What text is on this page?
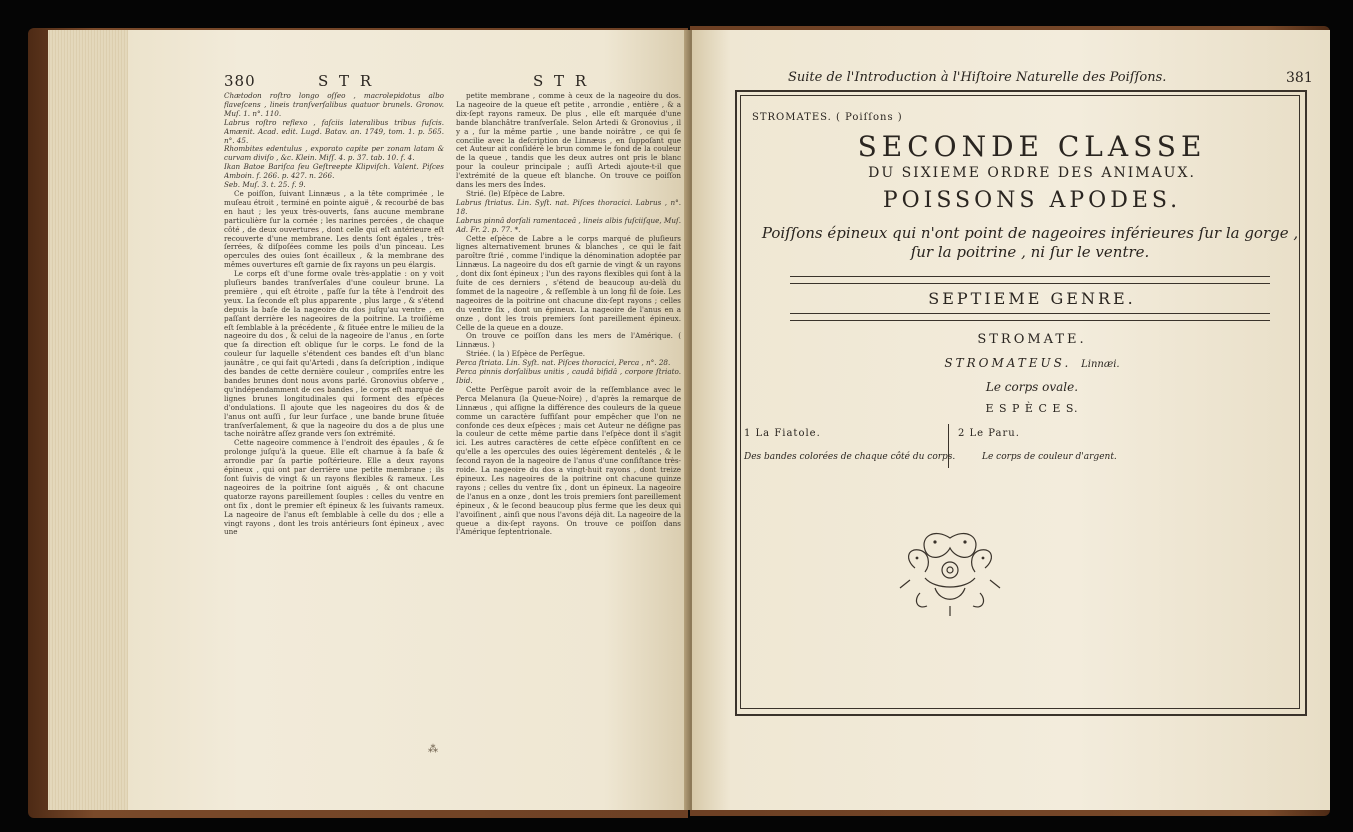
380	S T R	S T R

Chætodon roſtro longo oſſeo , macrolepidotus albo flaveſcens , lineis tranſverſalibus quatuor brunels. Gronov. Muſ. 1. n°. 110.

Labrus roſtro reflexo , faſciis lateralibus tribus fuſcis. Amænit. Acad. edit. Lugd. Batav. an. 1749, tom. 1. p. 565. n°. 45.

Rhombites edentulus , exporato capite per zonam latam & curvam diviſo , &c. Klein. Miſſ. 4. p. 37. tab. 10. f. 4.

Ikan Batoe Bariſca ſeu Geſtreepte Klipviſch. Valent. Piſces Amboin. f. 266. p. 427. n. 266.

Seb. Muſ. 3. t. 25. f. 9.

Ce poiſſon, ſuivant Linnæus , a la tête comprimée , le muſeau étroit , terminé en pointe aiguë , & recourbé de bas en haut ; les yeux très-ouverts, ſans aucune membrane particulière ſur la cornée ; les narines percées , de chaque côté , de deux ouvertures , dont celle qui eſt antérieure eſt recouverte d'une membrane. Les dents ſont égales , très-ſerrées, & diſpoſées comme les poils d'un pinceau. Les opercules des ouies ſont écailleux , & la membrane des mêmes ouvertures eſt garnie de ſix rayons un peu élargis.

Le corps eſt d'une forme ovale très-applatie : on y voit pluſieurs bandes tranſverſales d'une couleur brune. La première , qui eſt étroite , paſſe ſur la tête à l'endroit des yeux. La ſeconde eſt plus apparente , plus large , & s'étend depuis la baſe de la nageoire du dos juſqu'au ventre , en paſſant derrière les nageoires de la poitrine. La troiſième eſt ſemblable à la précédente , & ſituée entre le milieu de la nageoire du dos , & celui de la nageoire de l'anus , en ſorte que ſa direction eſt oblique ſur le corps. Le fond de la couleur ſur laquelle s'étendent ces bandes eſt d'un blanc jaunâtre , ce qui fait qu'Artedi , dans ſa deſcription , indique des bandes de cette dernière couleur , compriſes entre les bandes brunes dont nous avons parlé. Gronovius obſerve , qu'indépendamment de ces bandes , le corps eſt marqué de lignes brunes longitudinales qui forment des eſpèces d'ondulations. Il ajoute que les nageoires du dos & de l'anus ont auſſi , ſur leur ſurface , une bande brune ſituée tranſverſalement, & que la nageoire du dos a de plus une tache noirâtre aſſez grande vers ſon extrémité.

Cette nageoire commence à l'endroit des épaules , & ſe prolonge juſqu'à la queue. Elle eſt charnue à ſa baſe & arrondie par ſa partie poſtérieure. Elle a deux rayons épineux , qui ont par derrière une petite membrane ; ils ſont ſuivis de vingt & un rayons flexibles & rameux. Les nageoires de la poitrine ſont aiguës , & ont chacune quatorze rayons pareillement ſouples : celles du ventre en ont ſix , dont le premier eſt épineux & les ſuivants rameux. La nageoire de l'anus eſt ſemblable à celle du dos ; elle a vingt rayons , dont les trois antérieurs ſont épineux , avec une

petite membrane , comme à ceux de la nageoire du dos. La nageoire de la queue eſt petite , arrondie , entière , & a dix-ſept rayons rameux. De plus , elle eſt marquée d'une bande blanchâtre tranſverſale. Selon Artedi & Gronovius , il y a , ſur la même partie , une bande noirâtre , ce qui ſe concilie avec la deſcription de Linnæus , en ſuppoſant que cet Auteur ait conſidéré le brun comme le fond de la couleur de la queue , tandis que les deux autres ont pris le blanc pour la couleur principale ; auſſi Artedi ajoute-t-il que l'extrémité de la queue eſt blanche. On trouve ce poiſſon dans les mers des Indes.

Strié. (le) Eſpèce de Labre.

Labrus ſtriatus. Lin. Syſt. nat. Piſces thoracici. Labrus , n°. 18.

Labrus pinnâ dorſali ramentaceâ , lineis albis fuſciiſque, Muſ. Ad. Fr. 2. p. 77. *.

Cette eſpèce de Labre a le corps marqué de pluſieurs lignes alternativement brunes & blanches , ce qui le fait paroître ſtrié , comme l'indique la dénomination adoptée par Linnæus. La nageoire du dos eſt garnie de vingt & un rayons , dont dix ſont épineux ; l'un des rayons flexibles qui ſont à la ſuite de ces derniers , s'étend de beaucoup au-delà du ſommet de la nageoire , & reſſemble à un long fil de ſoie. Les nageoires de la poitrine ont chacune dix-ſept rayons ; celles du ventre ſix , dont un épineux. La nageoire de l'anus en a onze , dont les trois premiers ſont pareillement épineux. Celle de la queue en a douze.

On trouve ce poiſſon dans les mers de l'Amérique. ( Linnæus. )

Striée. ( la ) Eſpèce de Perſègue.

Perca ſtriata. Lin. Syſt. nat. Piſces thoracici, Perca , n°. 28.

Perca pinnis dorſalibus unitis , caudâ bifidâ , corpore ſtriato. Ibid.

Cette Perſègue paroît avoir de la reſſemblance avec le Perca Melanura (la Queue-Noire) , d'après la remarque de Linnæus , qui aſſigne la différence des couleurs de la queue comme un caractère ſuffiſant pour empêcher que l'on ne confonde ces deux eſpèces ; mais cet Auteur ne déſigne pas la couleur de cette même partie dans l'eſpèce dont il s'agit ici. Les autres caractères de cette eſpèce conſiſtent en ce qu'elle a les opercules des ouies légèrement dentelés , & le ſecond rayon de la nageoire de l'anus d'une conſiſtance très-roide. La nageoire du dos a vingt-huit rayons , dont treize épineux. Les nageoires de la poitrine ont chacune quinze rayons ; celles du ventre ſix , dont un épineux. La nageoire de l'anus en a onze , dont les trois premiers ſont pareillement épineux , & le ſecond beaucoup plus ferme que les deux qui l'avoiſinent , ainſi que nous l'avons déjà dit. La nageoire de la queue a dix-ſept rayons. On trouve ce poiſſon dans l'Amérique ſeptentrionale.

⁂
Suite de l'Introduction à l'Hiſtoire Naturelle des Poiſſons.	381
STROMATES. ( Poiſſons )
SECONDE CLASSE
DU SIXIEME ORDRE DES ANIMAUX.
POISSONS APODES.
Poiſſons épineux qui n'ont point de nageoires inférieures ſur la gorge , ſur la poitrine , ni ſur le ventre.
SEPTIEME GENRE.
STROMATE.
STROMATEUS. Linnæi.
Le corps ovale.
E S P È C E S.
1 La Fiatole.
Des bandes colorées de chaque côté du corps.
2 Le Paru.
Le corps de couleur d'argent.
